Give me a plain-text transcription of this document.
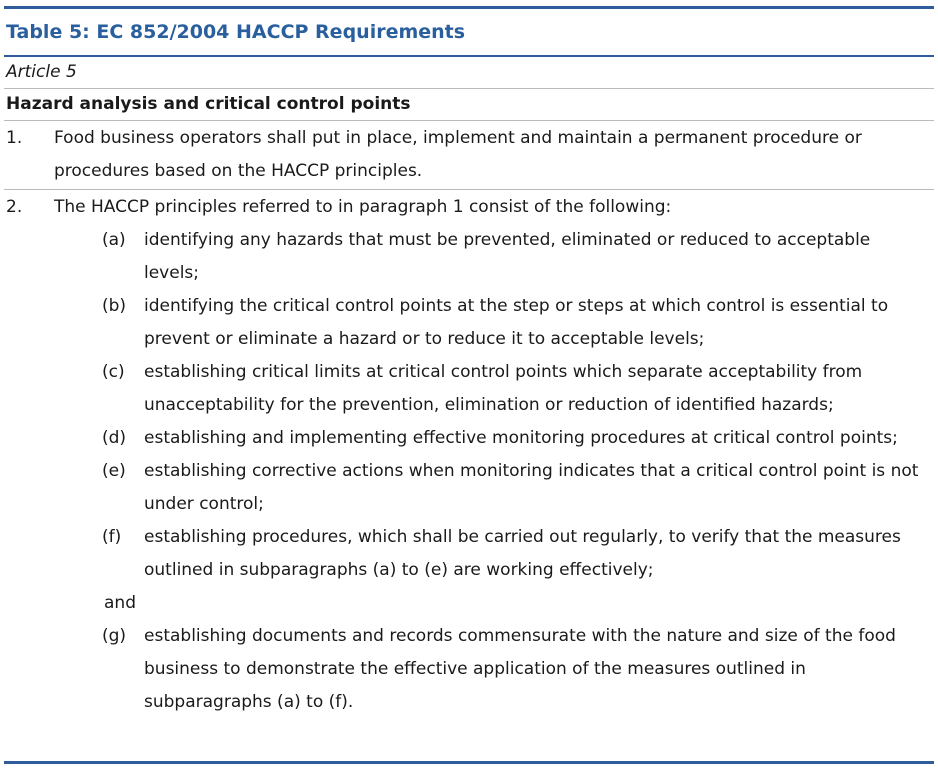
Table 5: EC 852/2004 HACCP Requirements
Article 5
Hazard analysis and critical control points
1.	Food business operators shall put in place, implement and maintain a permanent procedure or procedures based on the HACCP principles.
2.	The HACCP principles referred to in paragraph 1 consist of the following:
(a)	identifying any hazards that must be prevented, eliminated or reduced to acceptable levels;
(b)	identifying the critical control points at the step or steps at which control is essential to prevent or eliminate a hazard or to reduce it to acceptable levels;
(c)	establishing critical limits at critical control points which separate acceptability from unacceptability for the prevention, elimination or reduction of identified hazards;
(d)	establishing and implementing effective monitoring procedures at critical control points;
(e)	establishing corrective actions when monitoring indicates that a critical control point is not under control;
(f)	establishing procedures, which shall be carried out regularly, to verify that the measures outlined in subparagraphs (a) to (e) are working effectively;
and
(g)	establishing documents and records commensurate with the nature and size of the food business to demonstrate the effective application of the measures outlined in subparagraphs (a) to (f).
